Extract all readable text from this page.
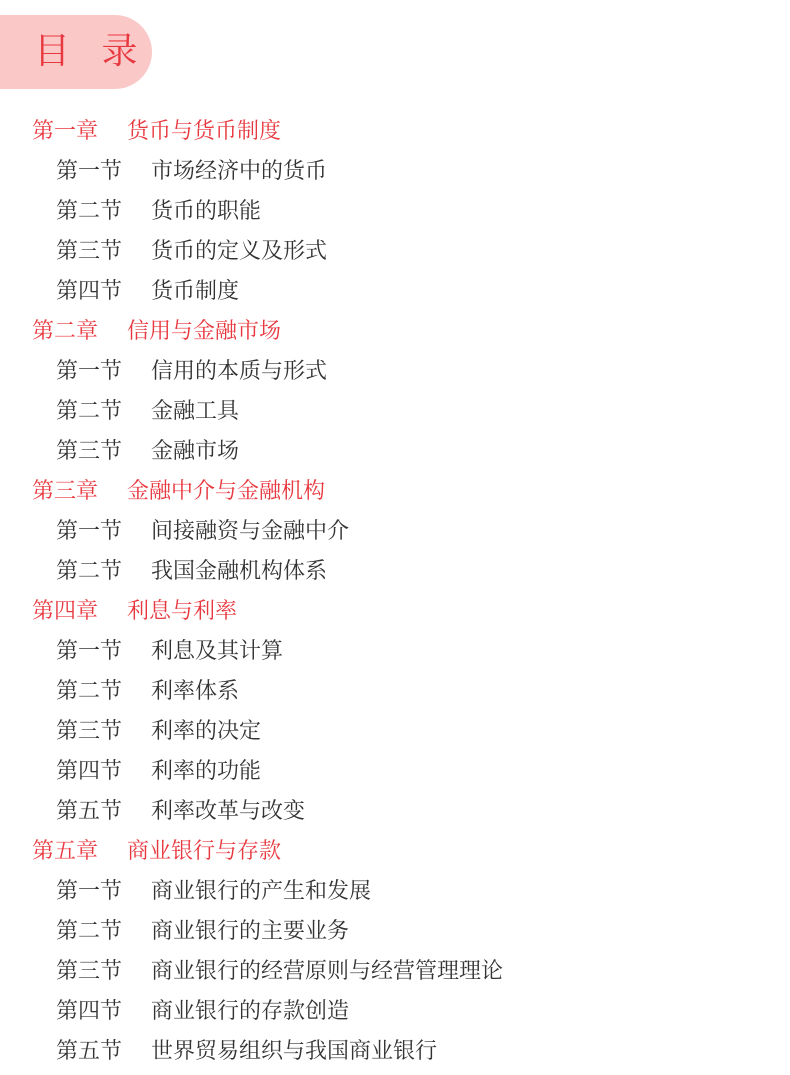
目 录
第一章 货币与货币制度
第一节 市场经济中的货币
第二节 货币的职能
第三节 货币的定义及形式
第四节 货币制度
第二章 信用与金融市场
第一节 信用的本质与形式
第二节 金融工具
第三节 金融市场
第三章 金融中介与金融机构
第一节 间接融资与金融中介
第二节 我国金融机构体系
第四章 利息与利率
第一节 利息及其计算
第二节 利率体系
第三节 利率的决定
第四节 利率的功能
第五节 利率改革与改变
第五章 商业银行与存款
第一节 商业银行的产生和发展
第二节 商业银行的主要业务
第三节 商业银行的经营原则与经营管理理论
第四节 商业银行的存款创造
第五节 世界贸易组织与我国商业银行
